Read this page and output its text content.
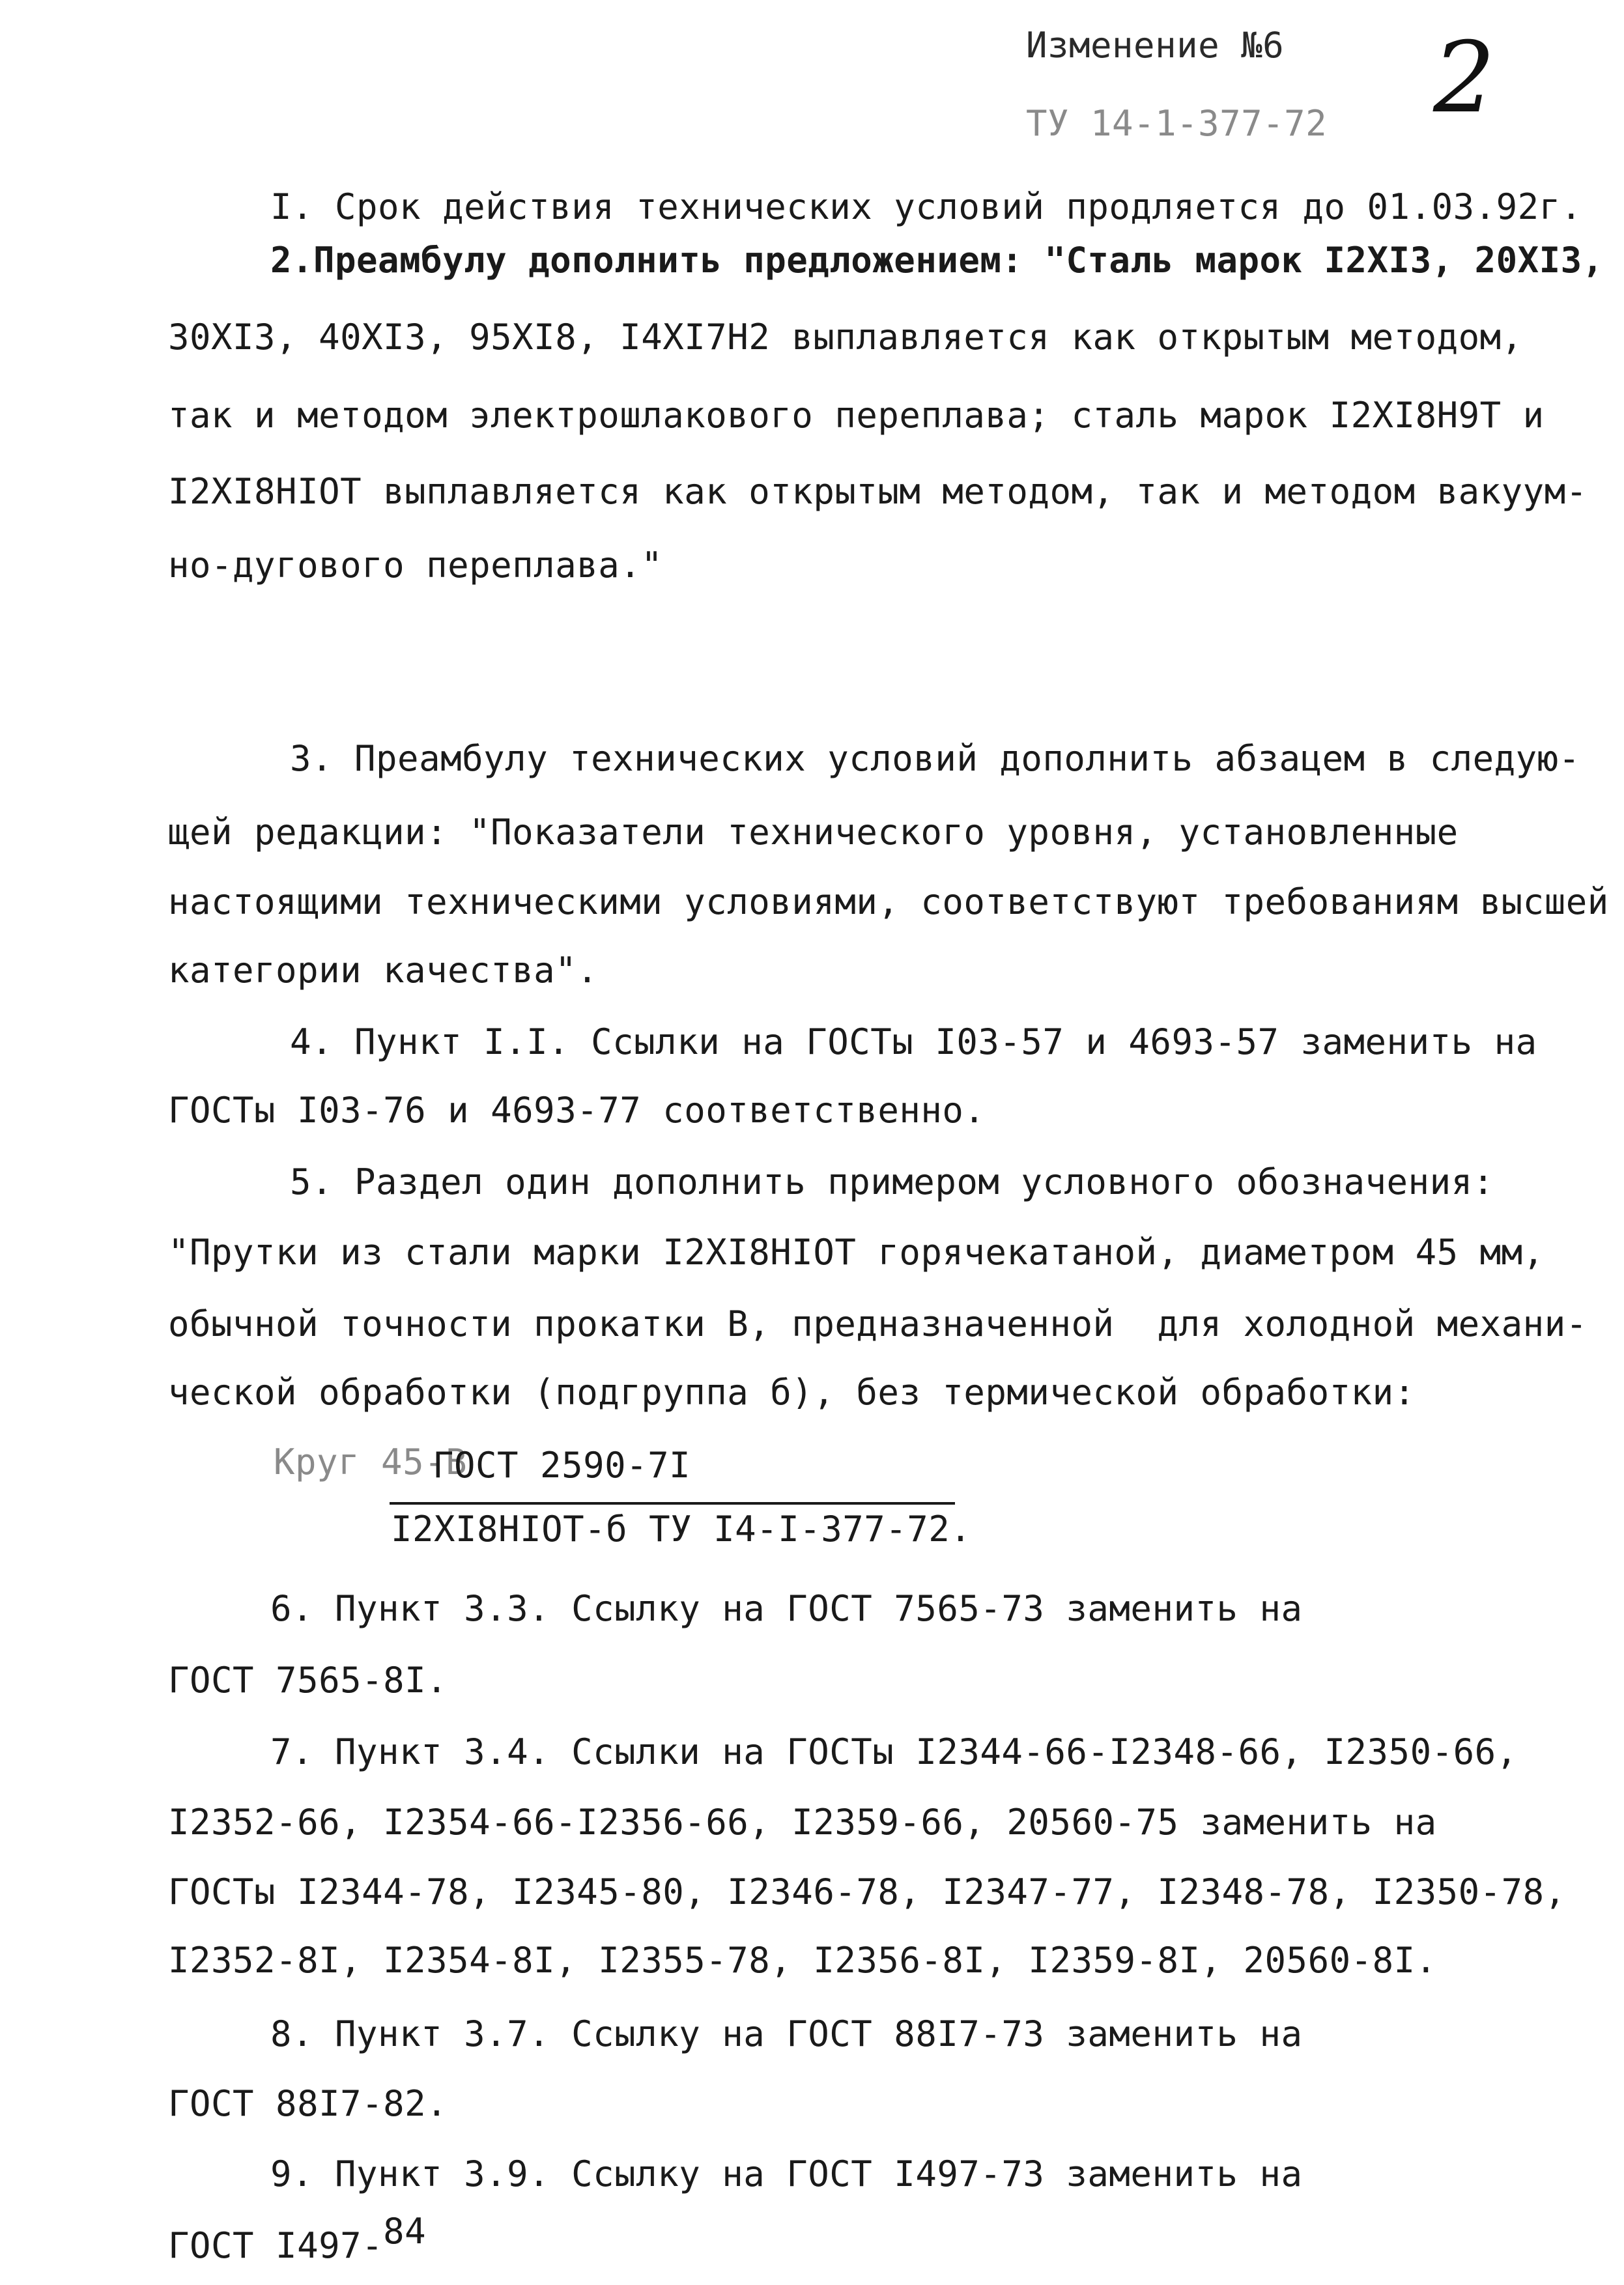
Изменение №6
ТУ 14-1-377-72 2
I. Срок действия технических условий продляется до 01.03.92г.
2.Преамбулу дополнить предложением: "Сталь марок I2XI3, 20XI3,
30XI3, 40XI3, 95XI8, I4XI7H2 выплавляется как открытым методом,
так и методом электрошлакового переплава; сталь марок I2XI8H9T и
I2XI8HIOT выплавляется как открытым методом, так и методом вакуум-
но-дугового переплава."
3. Преамбулу технических условий дополнить абзацем в следую-
щей редакции: "Показатели технического уровня, установленные
настоящими техническими условиями, соответствуют требованиям высшей
категории качества".
4. Пункт I.I. Ссылки на ГОСТы I03-57 и 4693-57 заменить на
ГОСТы I03-76 и 4693-77 соответственно.
5. Раздел один дополнить примером условного обозначения:
"Прутки из стали марки I2XI8HIOT горячекатаной, диаметром 45 мм,
обычной точности прокатки В, предназначенной  для холодной механи-
ческой обработки (подгруппа б), без термической обработки:
Круг 45-В
ГОСТ 2590-7I
I2XI8HIOT-б ТУ I4-I-377-72.
6. Пункт 3.3. Ссылку на ГОСТ 7565-73 заменить на
ГОСТ 7565-8I.
7. Пункт 3.4. Ссылки на ГОСТы I2344-66-I2348-66, I2350-66,
I2352-66, I2354-66-I2356-66, I2359-66, 20560-75 заменить на
ГОСТы I2344-78, I2345-80, I2346-78, I2347-77, I2348-78, I2350-78,
I2352-8I, I2354-8I, I2355-78, I2356-8I, I2359-8I, 20560-8I.
8. Пункт 3.7. Ссылку на ГОСТ 88I7-73 заменить на
ГОСТ 88I7-82.
9. Пункт 3.9. Ссылку на ГОСТ I497-73 заменить на
ГОСТ I497-84
